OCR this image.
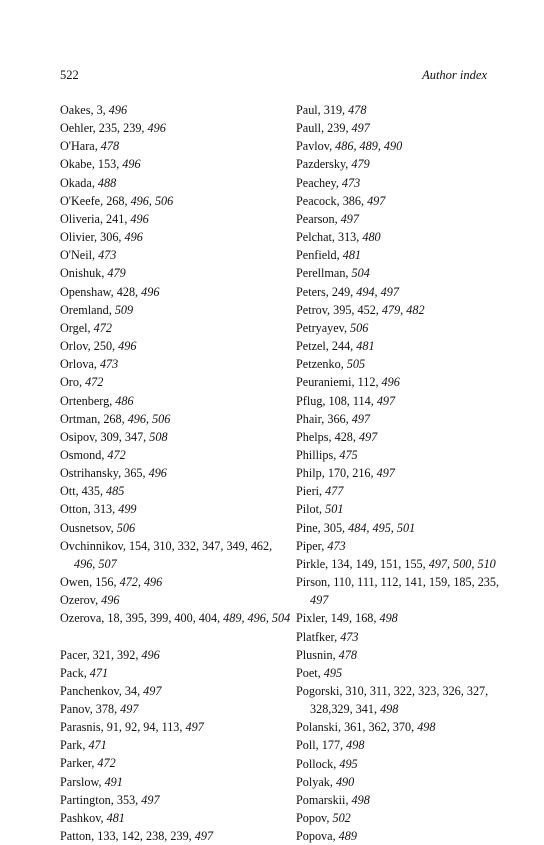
522	Author index
Oakes, 3, 496
Oehler, 235, 239, 496
O'Hara, 478
Okabe, 153, 496
Okada, 488
O'Keefe, 268, 496, 506
Oliveria, 241, 496
Olivier, 306, 496
O'Neil, 473
Onishuk, 479
Openshaw, 428, 496
Oremland, 509
Orgel, 472
Orlov, 250, 496
Orlova, 473
Oro, 472
Ortenberg, 486
Ortman, 268, 496, 506
Osipov, 309, 347, 508
Osmond, 472
Ostrihansky, 365, 496
Ott, 435, 485
Otton, 313, 499
Ousnetsov, 506
Ovchinnikov, 154, 310, 332, 347, 349, 462, 496, 507
Owen, 156, 472, 496
Ozerov, 496
Ozerova, 18, 395, 399, 400, 404, 489, 496, 504
Pacer, 321, 392, 496
Pack, 471
Panchenkov, 34, 497
Panov, 378, 497
Parasnis, 91, 92, 94, 113, 497
Park, 471
Parker, 472
Parslow, 491
Partington, 353, 497
Pashkov, 481
Patton, 133, 142, 238, 239, 497
Paul, 319, 478
Paull, 239, 497
Pavlov, 486, 489, 490
Pazdersky, 479
Peachey, 473
Peacock, 386, 497
Pearson, 497
Pelchat, 313, 480
Penfield, 481
Perellman, 504
Peters, 249, 494, 497
Petrov, 395, 452, 479, 482
Petryayev, 506
Petzel, 244, 481
Petzenko, 505
Peuraniemi, 112, 496
Pflug, 108, 114, 497
Phair, 366, 497
Phelps, 428, 497
Phillips, 475
Philp, 170, 216, 497
Pieri, 477
Pilot, 501
Pine, 305, 484, 495, 501
Piper, 473
Pirkle, 134, 149, 151, 155, 497, 500, 510
Pirson, 110, 111, 112, 141, 159, 185, 235, 497
Pixler, 149, 168, 498
Platfker, 473
Plusnin, 478
Poet, 495
Pogorski, 310, 311, 322, 323, 326, 327, 328,329, 341, 498
Polanski, 361, 362, 370, 498
Poll, 177, 498
Pollock, 495
Polyak, 490
Pomarskii, 498
Popov, 502
Popova, 489
